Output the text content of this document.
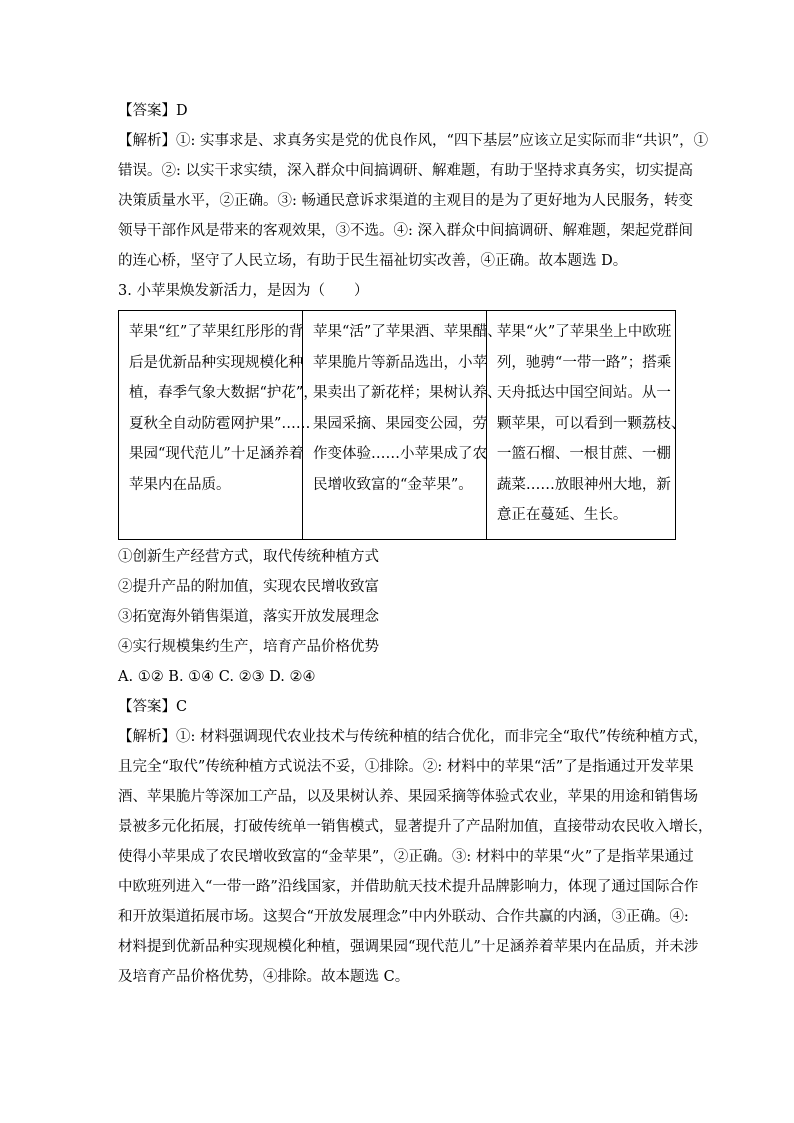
【答案】D
【解析】①: 实事求是、求真务实是党的优良作风，“四下基层”应该立足实际而非“共识”，①
错误。②: 以实干求实绩，深入群众中间搞调研、解难题，有助于坚持求真务实，切实提高
决策质量水平，②正确。③: 畅通民意诉求渠道的主观目的是为了更好地为人民服务，转变
领导干部作风是带来的客观效果，③不选。④: 深入群众中间搞调研、解难题，架起党群间
的连心桥，坚守了人民立场，有助于民生福祉切实改善，④正确。故本题选 D。
3. 小苹果焕发新活力，是因为（　　）
苹果“红”了苹果红彤彤的背
后是优新品种实现规模化种
植，春季气象大数据“护花”，
夏秋全自动防雹网护果”……
果园“现代范儿”十足涵养着
苹果内在品质。

苹果“活”了苹果酒、苹果醋、
苹果脆片等新品选出，小苹
果卖出了新花样；果树认养、
果园采摘、果园变公园，劳
作变体验……小苹果成了农
民增收致富的“金苹果”。

苹果“火”了苹果坐上中欧班
列，驰骋“一带一路”；搭乘
天舟抵达中国空间站。从一
颗苹果，可以看到一颗荔枝、
一篮石榴、一根甘蔗、一棚
蔬菜……放眼神州大地，新
意正在蔓延、生长。
①创新生产经营方式，取代传统种植方式
②提升产品的附加值，实现农民增收致富
③拓宽海外销售渠道，落实开放发展理念
④实行规模集约生产，培育产品价格优势
A. ①② B. ①④ C. ②③ D. ②④
【答案】C
【解析】①: 材料强调现代农业技术与传统种植的结合优化，而非完全“取代”传统种植方式，
且完全“取代”传统种植方式说法不妥，①排除。②: 材料中的苹果“活”了是指通过开发苹果
酒、苹果脆片等深加工产品，以及果树认养、果园采摘等体验式农业，苹果的用途和销售场
景被多元化拓展，打破传统单一销售模式，显著提升了产品附加值，直接带动农民收入增长，
使得小苹果成了农民增收致富的“金苹果”，②正确。③: 材料中的苹果“火”了是指苹果通过
中欧班列进入“一带一路”沿线国家，并借助航天技术提升品牌影响力，体现了通过国际合作
和开放渠道拓展市场。这契合“开放发展理念”中内外联动、合作共赢的内涵，③正确。④:
材料提到优新品种实现规模化种植，强调果园“现代范儿”十足涵养着苹果内在品质，并未涉
及培育产品价格优势，④排除。故本题选 C。
